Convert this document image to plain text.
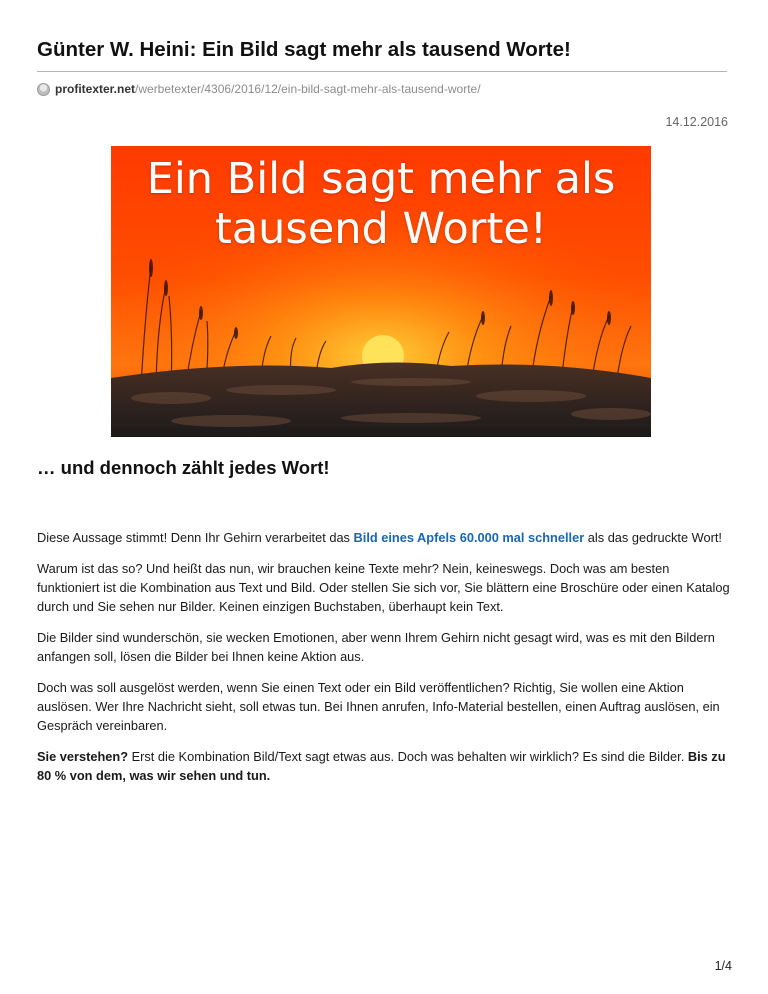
Günter W. Heini: Ein Bild sagt mehr als tausend Worte!
profitexter.net /werbetexter/4306/2016/12/ein-bild-sagt-mehr-als-tausend-worte/
14.12.2016
Ein Bild sagt mehr als
tausend Worte!
… und dennoch zählt jedes Wort!

Diese Aussage stimmt! Denn Ihr Gehirn verarbeitet das Bild eines Apfels 60.000 mal schneller als das gedruckte Wort!

Warum ist das so? Und heißt das nun, wir brauchen keine Texte mehr? Nein, keineswegs. Doch was am besten funktioniert ist die Kombination aus Text und Bild. Oder stellen Sie sich vor, Sie blättern eine Broschüre oder einen Katalog durch und Sie sehen nur Bilder. Keinen einzigen Buchstaben, überhaupt kein Text.

Die Bilder sind wunderschön, sie wecken Emotionen, aber wenn Ihrem Gehirn nicht gesagt wird, was es mit den Bildern anfangen soll, lösen die Bilder bei Ihnen keine Aktion aus.

Doch was soll ausgelöst werden, wenn Sie einen Text oder ein Bild veröffentlichen? Richtig, Sie wollen eine Aktion auslösen. Wer Ihre Nachricht sieht, soll etwas tun. Bei Ihnen anrufen, Info-Material bestellen, einen Auftrag auslösen, ein Gespräch vereinbaren.

Sie verstehen? Erst die Kombination Bild/Text sagt etwas aus. Doch was behalten wir wirklich? Es sind die Bilder. Bis zu 80 % von dem, was wir sehen und tun.

1/4
